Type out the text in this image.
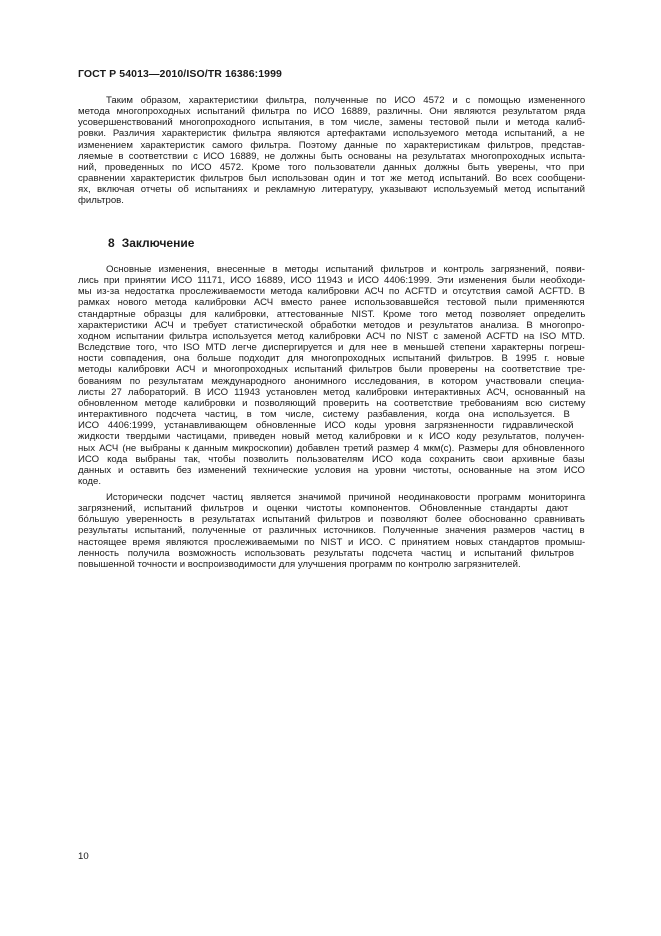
ГОСТ Р 54013—2010/ISO/TR 16386:1999
Таким образом, характеристики фильтра, полученные по ИСО 4572 и с помощью измененного
метода многопроходных испытаний фильтра по ИСО 16889, различны. Они являются результатом ряда
усовершенствований многопроходного испытания, в том числе, замены тестовой пыли и метода калиб-
ровки. Различия характеристик фильтра являются артефактами используемого метода испытаний, а не
изменением характеристик самого фильтра. Поэтому данные по характеристикам фильтров, представ-
ляемые в соответствии с ИСО 16889, не должны быть основаны на результатах многопроходных испыта-
ний, проведенных по ИСО 4572. Кроме того пользователи данных должны быть уверены, что при
сравнении характеристик фильтров был использован один и тот же метод испытаний. Во всех сообщени-
ях, включая отчеты об испытаниях и рекламную литературу, указывают используемый метод испытаний
фильтров.
8 Заключение
Основные изменения, внесенные в методы испытаний фильтров и контроль загрязнений, появи-
лись при принятии ИСО 11171, ИСО 16889, ИСО 11943 и ИСО 4406:1999. Эти изменения были необходи-
мы из-за недостатка прослеживаемости метода калибровки АСЧ по ACFTD и отсутствия самой ACFTD. В
рамках нового метода калибровки АСЧ вместо ранее использовавшейся тестовой пыли применяются
стандартные образцы для калибровки, аттестованные NIST. Кроме того метод позволяет определить
характеристики АСЧ и требует статистической обработки методов и результатов анализа. В многопро-
ходном испытании фильтра используется метод калибровки АСЧ по NIST с заменой ACFTD на ISO MTD.
Вследствие того, что ISO MTD легче диспергируется и для нее в меньшей степени характерны погреш-
ности совпадения, она больше подходит для многопроходных испытаний фильтров. В 1995 г. новые
методы калибровки АСЧ и многопроходных испытаний фильтров были проверены на соответствие тре-
бованиям по результатам международного анонимного исследования, в котором участвовали специа-
листы 27 лабораторий. В ИСО 11943 установлен метод калибровки интерактивных АСЧ, основанный на
обновленном методе калибровки и позволяющий проверить на соответствие требованиям всю систему
интерактивного подсчета частиц, в том числе, систему разбавления, когда она используется. В
ИСО 4406:1999, устанавливающем обновленные ИСО коды уровня загрязненности гидравлической
жидкости твердыми частицами, приведен новый метод калибровки и к ИСО коду результатов, получен-
ных АСЧ (не выбраны к данным микроскопии) добавлен третий размер 4 мкм(с). Размеры для обновленного
ИСО кода выбраны так, чтобы позволить пользователям ИСО кода сохранить свои архивные базы
данных и оставить без изменений технические условия на уровни чистоты, основанные на этом ИСО
коде.
Исторически подсчет частиц является значимой причиной неодинаковости программ мониторинга
загрязнений, испытаний фильтров и оценки чистоты компонентов. Обновленные стандарты дают
бóльшую уверенность в результатах испытаний фильтров и позволяют более обоснованно сравнивать
результаты испытаний, полученные от различных источников. Полученные значения размеров частиц в
настоящее время являются прослеживаемыми по NIST и ИСО. С принятием новых стандартов промыш-
ленность получила возможность использовать результаты подсчета частиц и испытаний фильтров
повышенной точности и воспроизводимости для улучшения программ по контролю загрязнителей.
10
